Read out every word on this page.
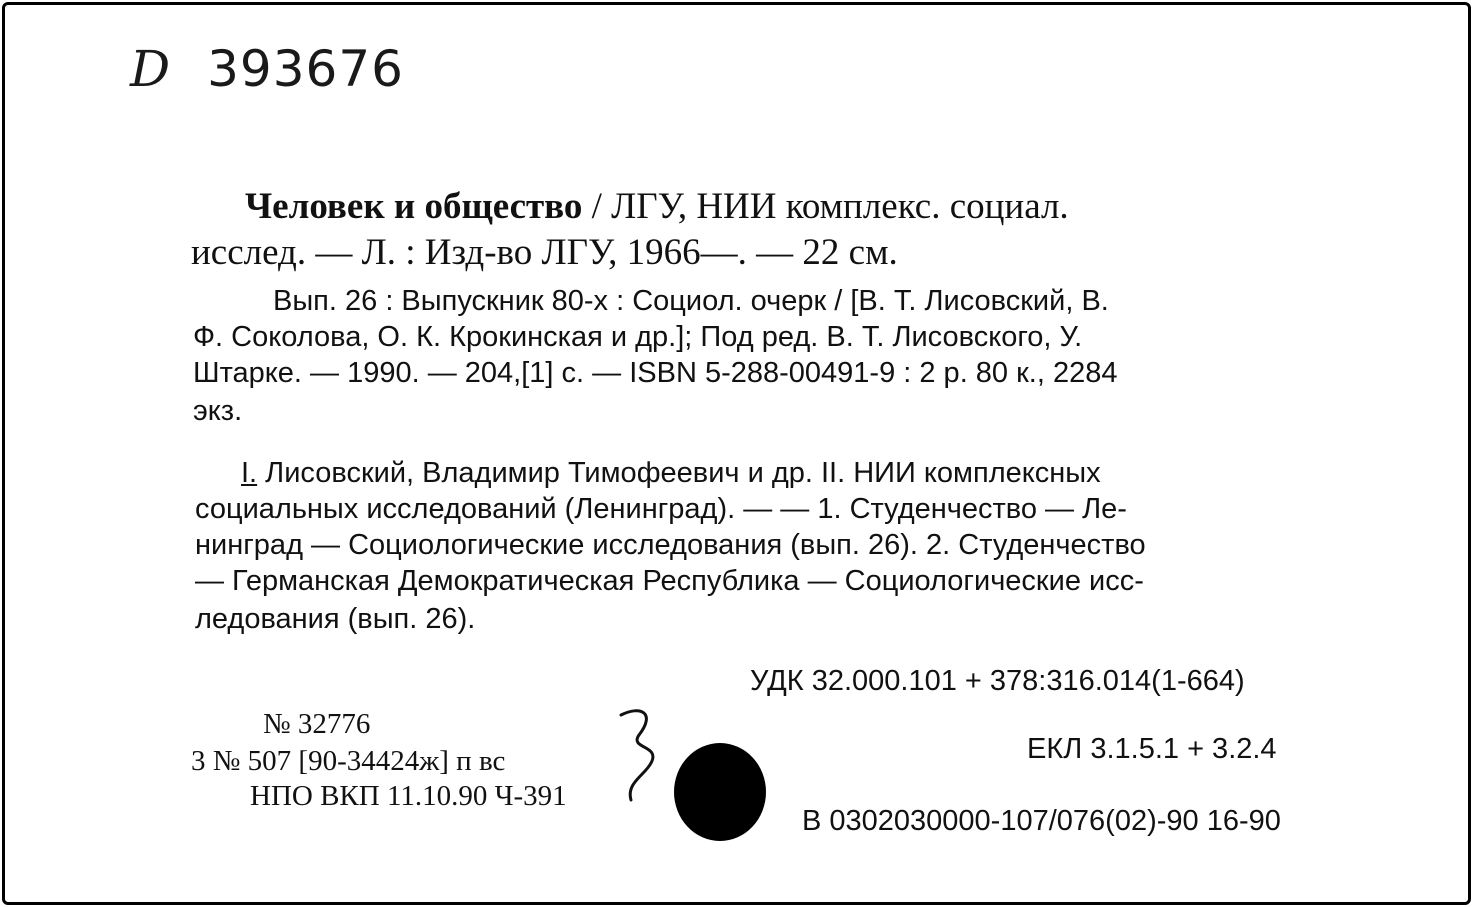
D 393676
Человек и общество / ЛГУ, НИИ комплекс. социал.
исслед. — Л. : Изд-во ЛГУ, 1966—. — 22 см.
Вып. 26 : Выпускник 80-х : Социол. очерк / [В. Т. Лисовский, В.
Ф. Соколова, О. К. Крокинская и др.]; Под ред. В. Т. Лисовского, У.
Штарке. — 1990. — 204,[1] с. — ISBN 5-288-00491-9 : 2 р. 80 к., 2284
экз.
I. Лисовский, Владимир Тимофеевич и др. II. НИИ комплексных
социальных исследований (Ленинград). — — 1. Студенчество — Ле-
нинград — Социологические исследования (вып. 26). 2. Студенчество
— Германская Демократическая Республика — Социологические исс-
ледования (вып. 26).
УДК 32.000.101 + 378:316.014(1-664)
№ 32776
3 № 507 [90-34424ж] п вс
НПО ВКП 11.10.90 Ч-391
ЕКЛ 3.1.5.1 + 3.2.4
В 0302030000-107/076(02)-90 16-90
